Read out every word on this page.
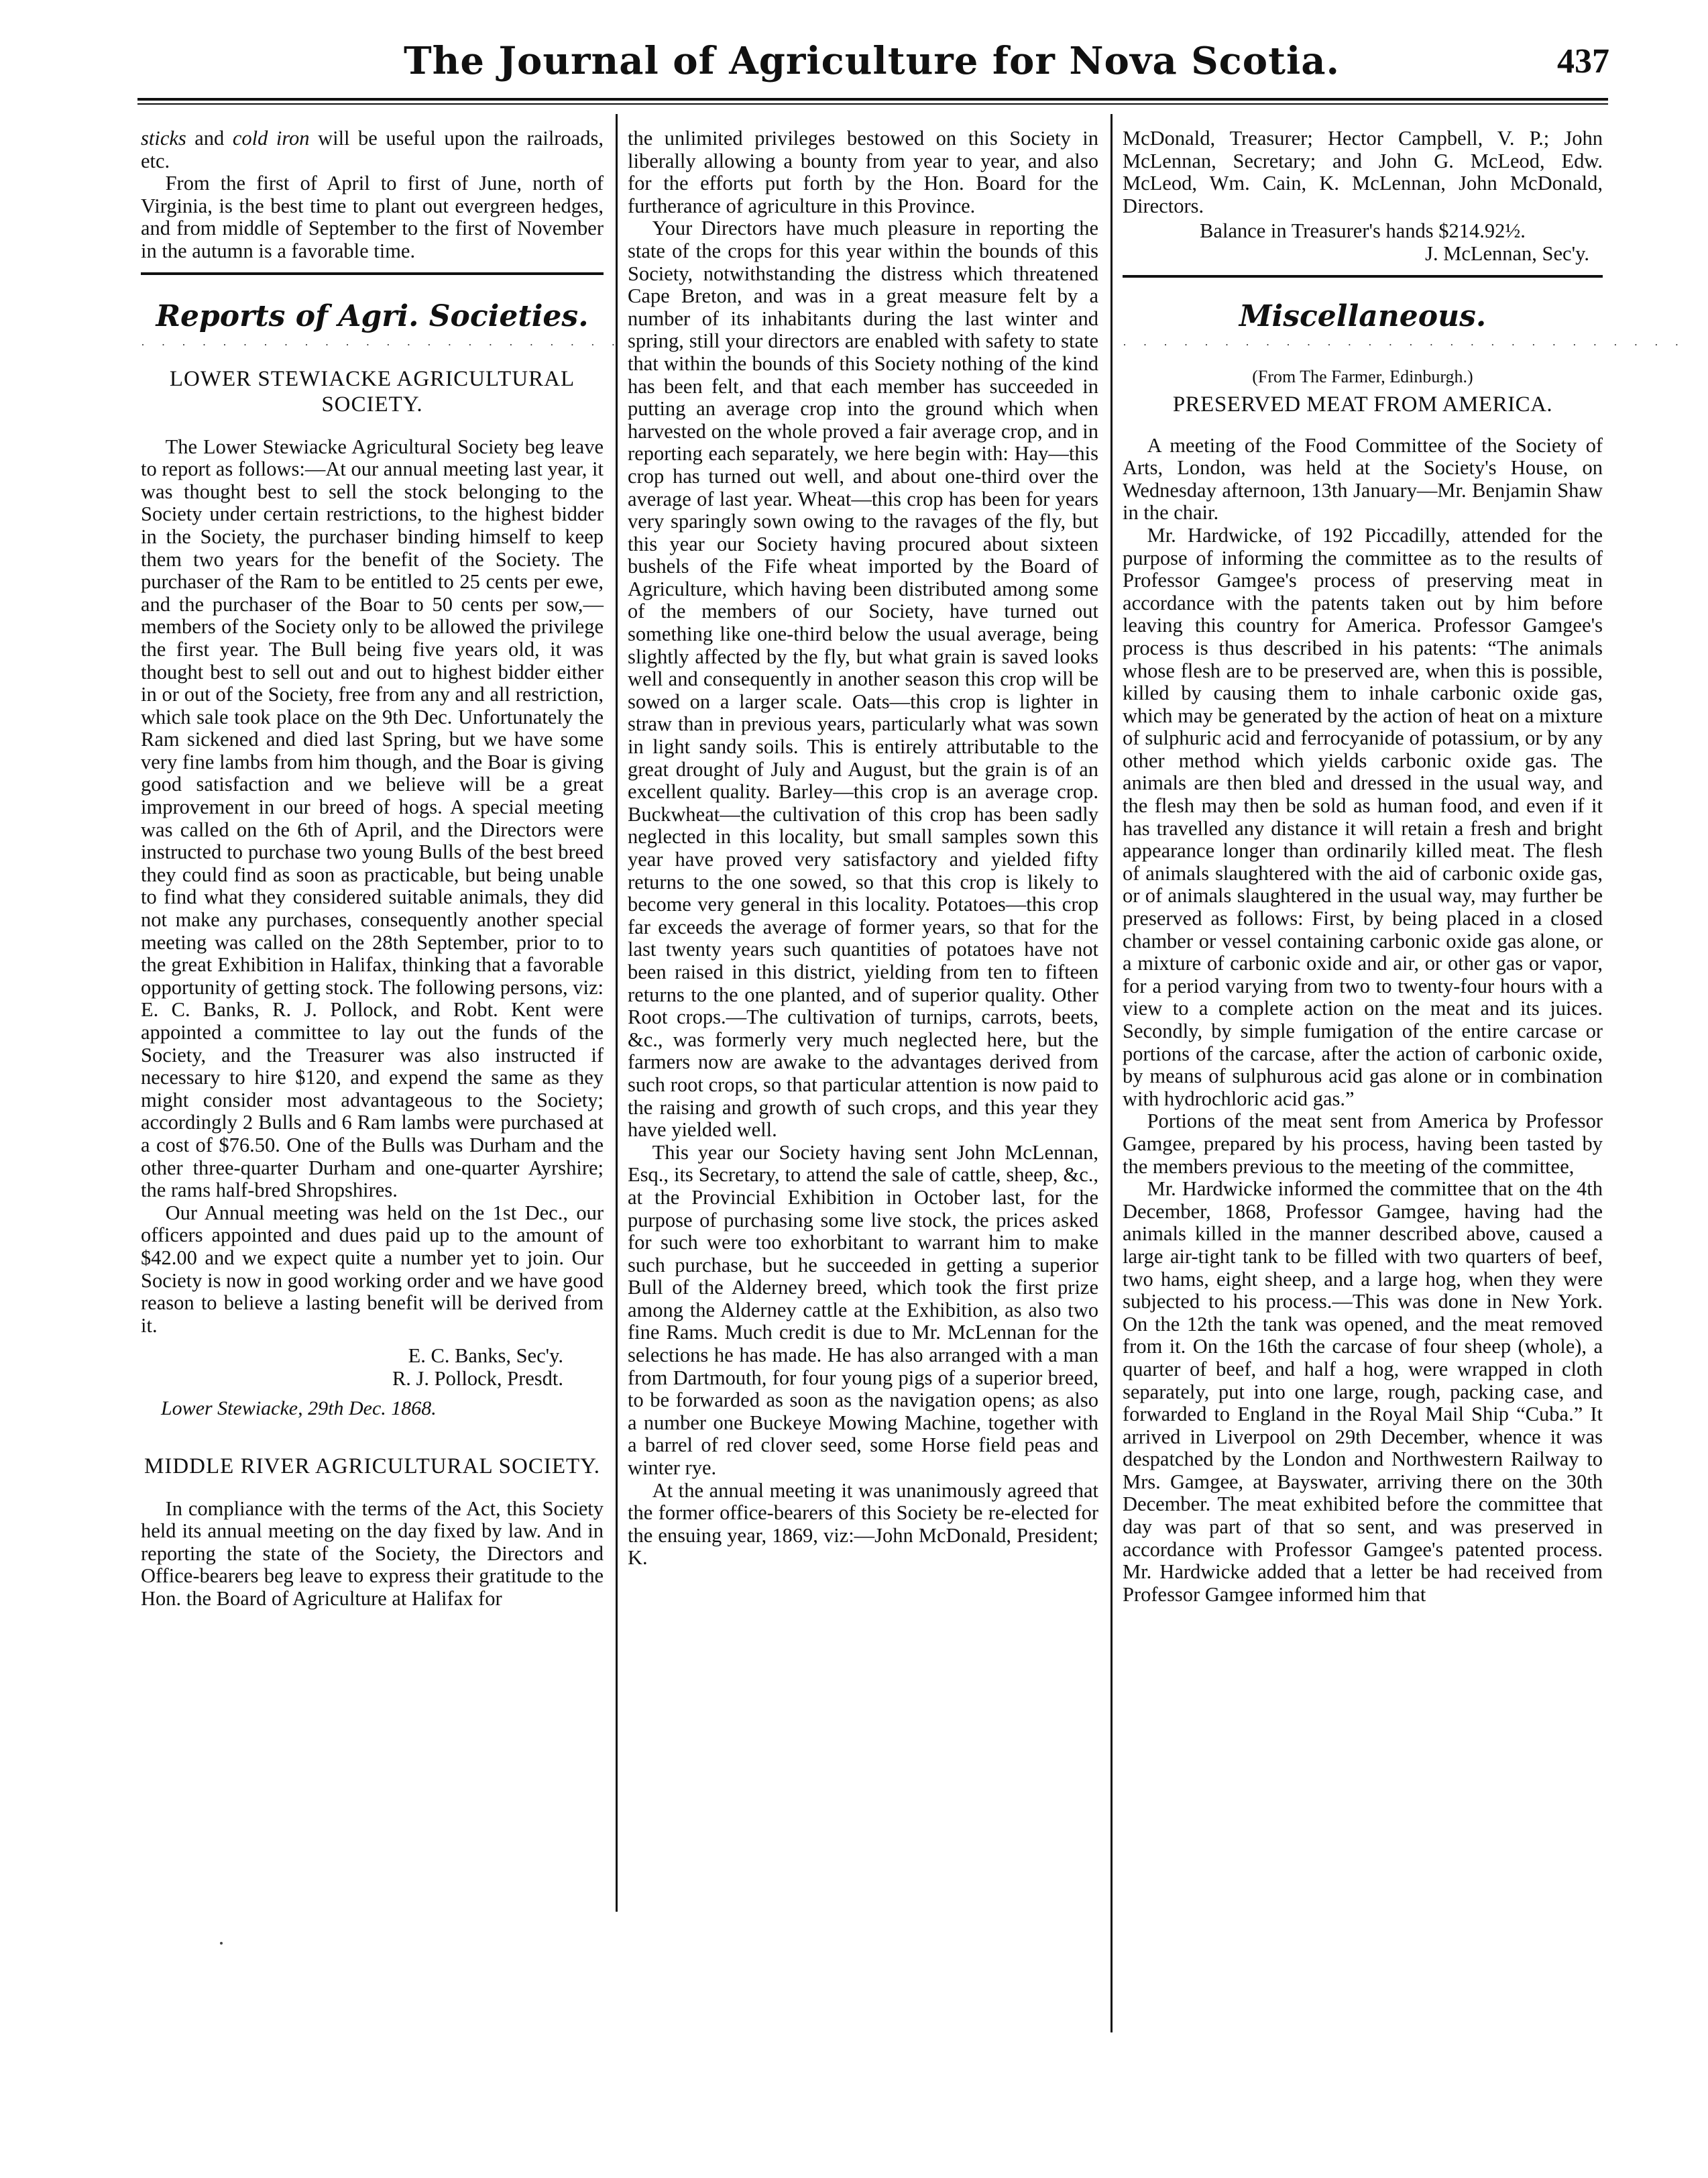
The Journal of Agriculture for Nova Scotia.	437

sticks and cold iron will be useful upon the railroads, etc.

From the first of April to first of June, north of Virginia, is the best time to plant out evergreen hedges, and from middle of September to the first of November in the autumn is a favorable time.

Reports of Agri. Societies.
· · · · · · · · · · · · · · · · · · · · · · · · · · ·
LOWER STEWIACKE AGRICULTURAL SOCIETY.

The Lower Stewiacke Agricultural Society beg leave to report as follows:—At our annual meeting last year, it was thought best to sell the stock belonging to the Society under certain restrictions, to the highest bidder in the Society, the purchaser binding himself to keep them two years for the benefit of the Society. The purchaser of the Ram to be entitled to 25 cents per ewe, and the purchaser of the Boar to 50 cents per sow,—members of the Society only to be allowed the privilege the first year. The Bull being five years old, it was thought best to sell out and out to highest bidder either in or out of the Society, free from any and all restriction, which sale took place on the 9th Dec. Unfortunately the Ram sickened and died last Spring, but we have some very fine lambs from him though, and the Boar is giving good satisfaction and we believe will be a great improvement in our breed of hogs. A special meeting was called on the 6th of April, and the Directors were instructed to purchase two young Bulls of the best breed they could find as soon as practicable, but being unable to find what they considered suitable animals, they did not make any purchases, consequently another special meeting was called on the 28th September, prior to to the great Exhibition in Halifax, thinking that a favorable opportunity of getting stock. The following persons, viz: E. C. Banks, R. J. Pollock, and Robt. Kent were appointed a committee to lay out the funds of the Society, and the Treasurer was also instructed if necessary to hire $120, and expend the same as they might consider most advantageous to the Society; accordingly 2 Bulls and 6 Ram lambs were purchased at a cost of $76.50. One of the Bulls was Durham and the other three-quarter Durham and one-quarter Ayrshire; the rams half-bred Shropshires.

Our Annual meeting was held on the 1st Dec., our officers appointed and dues paid up to the amount of $42.00 and we expect quite a number yet to join. Our Society is now in good working order and we have good reason to believe a lasting benefit will be derived from it.

E. C. Banks, Sec'y.
R. J. Pollock, Presdt.
Lower Stewiacke, 29th Dec. 1868.
MIDDLE RIVER AGRICULTURAL SOCIETY.

In compliance with the terms of the Act, this Society held its annual meeting on the day fixed by law. And in reporting the state of the Society, the Directors and Office-bearers beg leave to express their gratitude to the Hon. the Board of Agriculture at Halifax for

the unlimited privileges bestowed on this Society in liberally allowing a bounty from year to year, and also for the efforts put forth by the Hon. Board for the furtherance of agriculture in this Province.

Your Directors have much pleasure in reporting the state of the crops for this year within the bounds of this Society, notwithstanding the distress which threatened Cape Breton, and was in a great measure felt by a number of its inhabitants during the last winter and spring, still your directors are enabled with safety to state that within the bounds of this Society nothing of the kind has been felt, and that each member has succeeded in putting an average crop into the ground which when harvested on the whole proved a fair average crop, and in reporting each separately, we here begin with: Hay—this crop has turned out well, and about one-third over the average of last year. Wheat—this crop has been for years very sparingly sown owing to the ravages of the fly, but this year our Society having procured about sixteen bushels of the Fife wheat imported by the Board of Agriculture, which having been distributed among some of the members of our Society, have turned out something like one-third below the usual average, being slightly affected by the fly, but what grain is saved looks well and consequently in another season this crop will be sowed on a larger scale. Oats—this crop is lighter in straw than in previous years, particularly what was sown in light sandy soils. This is entirely attributable to the great drought of July and August, but the grain is of an excellent quality. Barley—this crop is an average crop. Buckwheat—the cultivation of this crop has been sadly neglected in this locality, but small samples sown this year have proved very satisfactory and yielded fifty returns to the one sowed, so that this crop is likely to become very general in this locality. Potatoes—this crop far exceeds the average of former years, so that for the last twenty years such quantities of potatoes have not been raised in this district, yielding from ten to fifteen returns to the one planted, and of superior quality. Other Root crops.—The cultivation of turnips, carrots, beets, &c., was formerly very much neglected here, but the farmers now are awake to the advantages derived from such root crops, so that particular attention is now paid to the raising and growth of such crops, and this year they have yielded well.

This year our Society having sent John McLennan, Esq., its Secretary, to attend the sale of cattle, sheep, &c., at the Provincial Exhibition in October last, for the purpose of purchasing some live stock, the prices asked for such were too exhorbitant to warrant him to make such purchase, but he succeeded in getting a superior Bull of the Alderney breed, which took the first prize among the Alderney cattle at the Exhibition, as also two fine Rams. Much credit is due to Mr. McLennan for the selections he has made. He has also arranged with a man from Dartmouth, for four young pigs of a superior breed, to be forwarded as soon as the navigation opens; as also a number one Buckeye Mowing Machine, together with a barrel of red clover seed, some Horse field peas and winter rye.

At the annual meeting it was unanimously agreed that the former office-bearers of this Society be re-elected for the ensuing year, 1869, viz:—John McDonald, President; K.

McDonald, Treasurer; Hector Campbell, V. P.; John McLennan, Secretary; and John G. McLeod, Edw. McLeod, Wm. Cain, K. McLennan, John McDonald, Directors.

Balance in Treasurer's hands $214.92½.
J. McLennan, Sec'y.
Miscellaneous.
· · · · · · · · · · · · · · · · · · · · · · · · · · · ·
(From The Farmer, Edinburgh.)
PRESERVED MEAT FROM AMERICA.

A meeting of the Food Committee of the Society of Arts, London, was held at the Society's House, on Wednesday afternoon, 13th January—Mr. Benjamin Shaw in the chair.

Mr. Hardwicke, of 192 Piccadilly, attended for the purpose of informing the committee as to the results of Professor Gamgee's process of preserving meat in accordance with the patents taken out by him before leaving this country for America. Professor Gamgee's process is thus described in his patents: “The animals whose flesh are to be preserved are, when this is possible, killed by causing them to inhale carbonic oxide gas, which may be generated by the action of heat on a mixture of sulphuric acid and ferrocyanide of potassium, or by any other method which yields carbonic oxide gas. The animals are then bled and dressed in the usual way, and the flesh may then be sold as human food, and even if it has travelled any distance it will retain a fresh and bright appearance longer than ordinarily killed meat. The flesh of animals slaughtered with the aid of carbonic oxide gas, or of animals slaughtered in the usual way, may further be preserved as follows: First, by being placed in a closed chamber or vessel containing carbonic oxide gas alone, or a mixture of carbonic oxide and air, or other gas or vapor, for a period varying from two to twenty-four hours with a view to a complete action on the meat and its juices. Secondly, by simple fumigation of the entire carcase or portions of the carcase, after the action of carbonic oxide, by means of sulphurous acid gas alone or in combination with hydrochloric acid gas.”

Portions of the meat sent from America by Professor Gamgee, prepared by his process, having been tasted by the members previous to the meeting of the committee,

Mr. Hardwicke informed the committee that on the 4th December, 1868, Professor Gamgee, having had the animals killed in the manner described above, caused a large air-tight tank to be filled with two quarters of beef, two hams, eight sheep, and a large hog, when they were subjected to his process.—This was done in New York. On the 12th the tank was opened, and the meat removed from it. On the 16th the carcase of four sheep (whole), a quarter of beef, and half a hog, were wrapped in cloth separately, put into one large, rough, packing case, and forwarded to England in the Royal Mail Ship “Cuba.” It arrived in Liverpool on 29th December, whence it was despatched by the London and Northwestern Railway to Mrs. Gamgee, at Bayswater, arriving there on the 30th December. The meat exhibited before the committee that day was part of that so sent, and was preserved in accordance with Professor Gamgee's patented process. Mr. Hardwicke added that a letter be had received from Professor Gamgee informed him that
